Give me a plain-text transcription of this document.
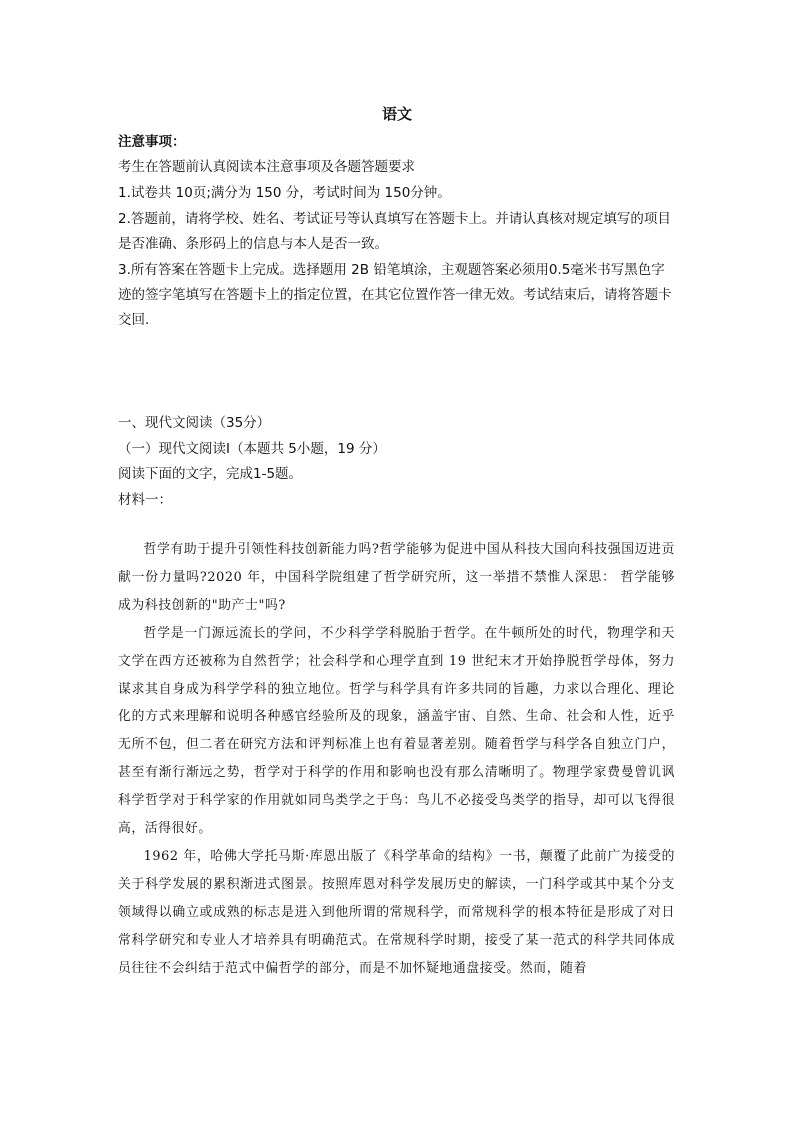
语文

注意事项：

考生在答题前认真阅读本注意事项及各题答题要求

1.试卷共 10页;满分为 150 分，考试时间为 150分钟。

2.答题前，请将学校、姓名、考试证号等认真填写在答题卡上。并请认真核对规定填写的项目是否准确、条形码上的信息与本人是否一致。

3.所有答案在答题卡上完成。选择题用 2B 铅笔填涂，主观题答案必须用0.5毫米书写黑色字迹的签字笔填写在答题卡上的指定位置，在其它位置作答一律无效。考试结束后，请将答题卡交回.

一、现代文阅读（35分）

（一）现代文阅读Ⅰ（本题共 5小题，19 分）

阅读下面的文字，完成1-5题。

材料一：

哲学有助于提升引领性科技创新能力吗?哲学能够为促进中国从科技大国向科技强国迈进贡献一份力量吗?2020 年，中国科学院组建了哲学研究所，这一举措不禁惟人深思： 哲学能够成为科技创新的"助产士"吗?

哲学是一门源远流长的学问，不少科学学科脱胎于哲学。在牛顿所处的时代，物理学和天文学在西方还被称为自然哲学；社会科学和心理学直到 19 世纪末才开始挣脱哲学母体，努力谋求其自身成为科学学科的独立地位。哲学与科学具有许多共同的旨趣，力求以合理化、理论化的方式来理解和说明各种感官经验所及的现象，涵盖宇宙、自然、生命、社会和人性，近乎无所不包，但二者在研究方法和评判标准上也有着显著差别。随着哲学与科学各自独立门户，甚至有渐行渐远之势，哲学对于科学的作用和影响也没有那么清晰明了。物理学家费曼曾讥讽科学哲学对于科学家的作用就如同鸟类学之于鸟：鸟儿不必接受鸟类学的指导，却可以飞得很高，活得很好。

1962 年，哈佛大学托马斯·库恩出版了《科学革命的结构》一书，颠覆了此前广为接受的关于科学发展的累积渐进式图景。按照库恩对科学发展历史的解读，一门科学或其中某个分支领域得以确立或成熟的标志是进入到他所谓的常规科学，而常规科学的根本特征是形成了对日常科学研究和专业人才培养具有明确范式。在常规科学时期，接受了某一范式的科学共同体成员往往不会纠结于范式中偏哲学的部分，而是不加怀疑地通盘接受。然而，随着
